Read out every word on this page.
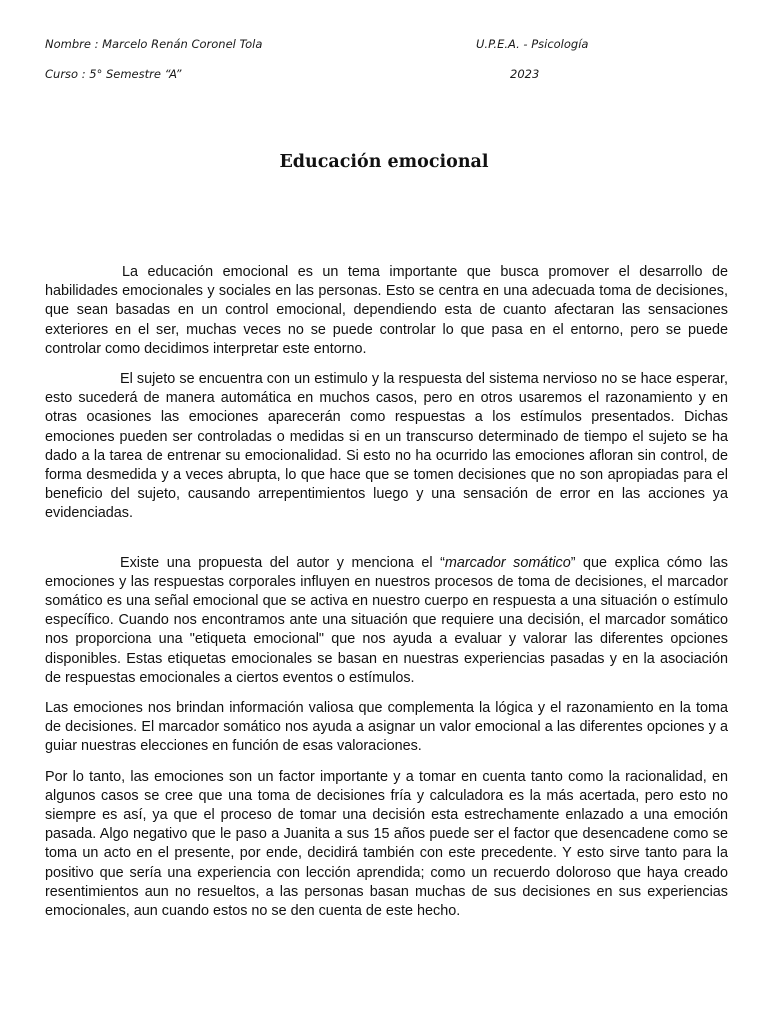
Nombre : Marcelo Renán Coronel Tola	U.P.E.A. - Psicología
Curso : 5° Semestre “A”	2023
Educación emocional

La educación emocional es un tema importante que busca promover el desarrollo de habilidades emocionales y sociales en las personas. Esto se centra en una adecuada toma de decisiones, que sean basadas en un control emocional, dependiendo esta de cuanto afectaran las sensaciones exteriores en el ser, muchas veces no se puede controlar lo que pasa en el entorno, pero se puede controlar como decidimos interpretar este entorno.

El sujeto se encuentra con un estimulo y la respuesta del sistema nervioso no se hace esperar, esto sucederá de manera automática en muchos casos, pero en otros usaremos el razonamiento y en otras ocasiones las emociones aparecerán como respuestas a los estímulos presentados. Dichas emociones pueden ser controladas o medidas si en un transcurso determinado de tiempo el sujeto se ha dado a la tarea de entrenar su emocionalidad. Si esto no ha ocurrido las emociones afloran sin control, de forma desmedida y a veces abrupta, lo que hace que se tomen decisiones que no son apropiadas para el beneficio del sujeto, causando arrepentimientos luego y una sensación de error en las acciones ya evidenciadas.

Existe una propuesta del autor y menciona el “marcador somático” que explica cómo las emociones y las respuestas corporales influyen en nuestros procesos de toma de decisiones, el marcador somático es una señal emocional que se activa en nuestro cuerpo en respuesta a una situación o estímulo específico. Cuando nos encontramos ante una situación que requiere una decisión, el marcador somático nos proporciona una "etiqueta emocional" que nos ayuda a evaluar y valorar las diferentes opciones disponibles. Estas etiquetas emocionales se basan en nuestras experiencias pasadas y en la asociación de respuestas emocionales a ciertos eventos o estímulos.

Las emociones nos brindan información valiosa que complementa la lógica y el razonamiento en la toma de decisiones. El marcador somático nos ayuda a asignar un valor emocional a las diferentes opciones y a guiar nuestras elecciones en función de esas valoraciones.

Por lo tanto, las emociones son un factor importante y a tomar en cuenta tanto como la racionalidad, en algunos casos se cree que una toma de decisiones fría y calculadora es la más acertada, pero esto no siempre es así, ya que el proceso de tomar una decisión esta estrechamente enlazado a una emoción pasada. Algo negativo que le paso a Juanita a sus 15 años puede ser el factor que desencadene como se toma un acto en el presente, por ende, decidirá también con este precedente. Y esto sirve tanto para la positivo que sería una experiencia con lección aprendida; como un recuerdo doloroso que haya creado resentimientos aun no resueltos, a las personas basan muchas de sus decisiones en sus experiencias emocionales, aun cuando estos no se den cuenta de este hecho.
